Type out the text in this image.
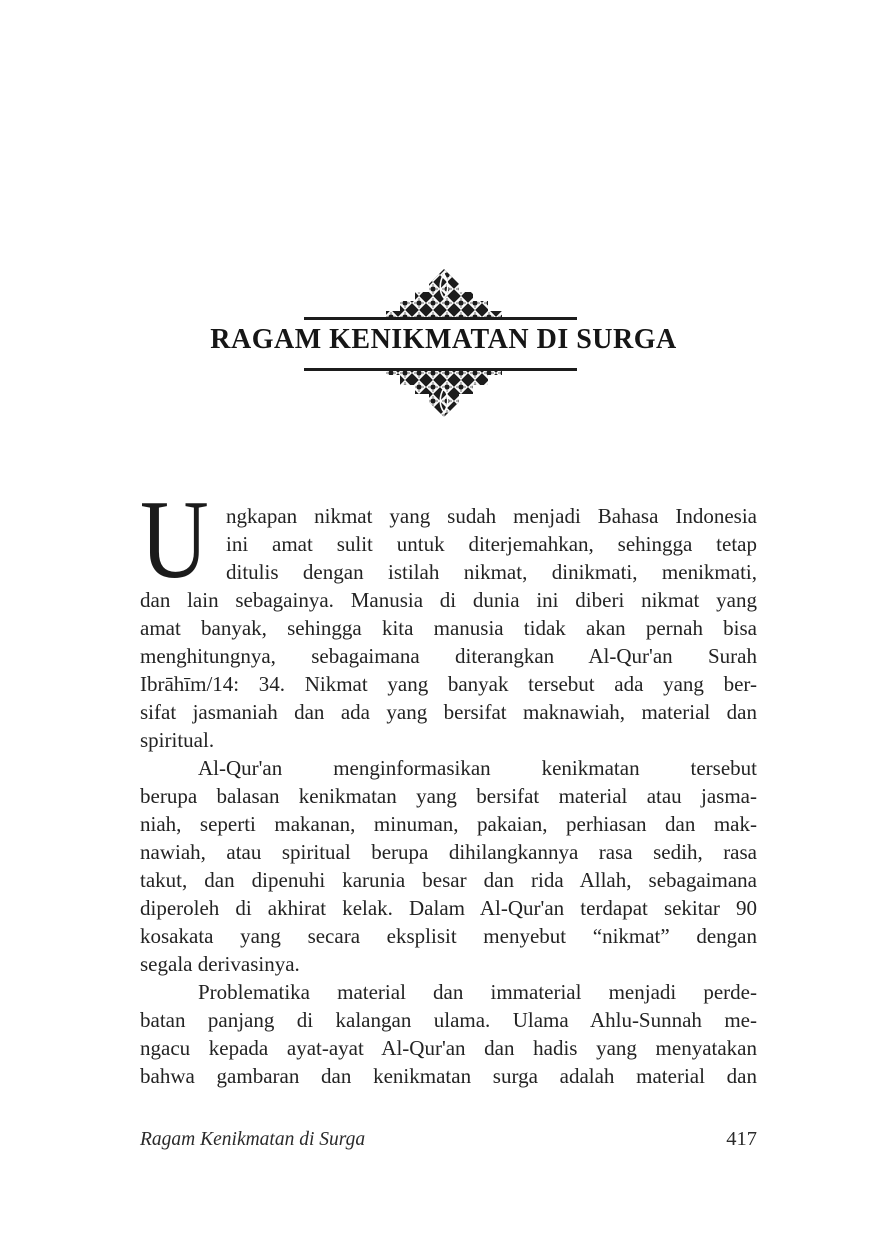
RAGAM KENIKMATAN DI SURGA
U ngkapan nikmat yang sudah menjadi Bahasa Indonesia
ini amat sulit untuk diterjemahkan, sehingga tetap
ditulis dengan istilah nikmat, dinikmati, menikmati,
dan lain sebagainya. Manusia di dunia ini diberi nikmat yang
amat banyak, sehingga kita manusia tidak akan pernah bisa
menghitungnya, sebagaimana diterangkan Al-Qur'an Surah
Ibrāhīm/14: 34. Nikmat yang banyak tersebut ada yang ber-
sifat jasmaniah dan ada yang bersifat maknawiah, material dan
spiritual.
Al-Qur'an menginformasikan kenikmatan tersebut
berupa balasan kenikmatan yang bersifat material atau jasma-
niah, seperti makanan, minuman, pakaian, perhiasan dan mak-
nawiah, atau spiritual berupa dihilangkannya rasa sedih, rasa
takut, dan dipenuhi karunia besar dan rida Allah, sebagaimana
diperoleh di akhirat kelak. Dalam Al-Qur'an terdapat sekitar 90
kosakata yang secara eksplisit menyebut “nikmat” dengan
segala derivasinya.
Problematika material dan immaterial menjadi perde-
batan panjang di kalangan ulama. Ulama Ahlu-Sunnah me-
ngacu kepada ayat-ayat Al-Qur'an dan hadis yang menyatakan
bahwa gambaran dan kenikmatan surga adalah material dan
Ragam Kenikmatan di Surga	417
